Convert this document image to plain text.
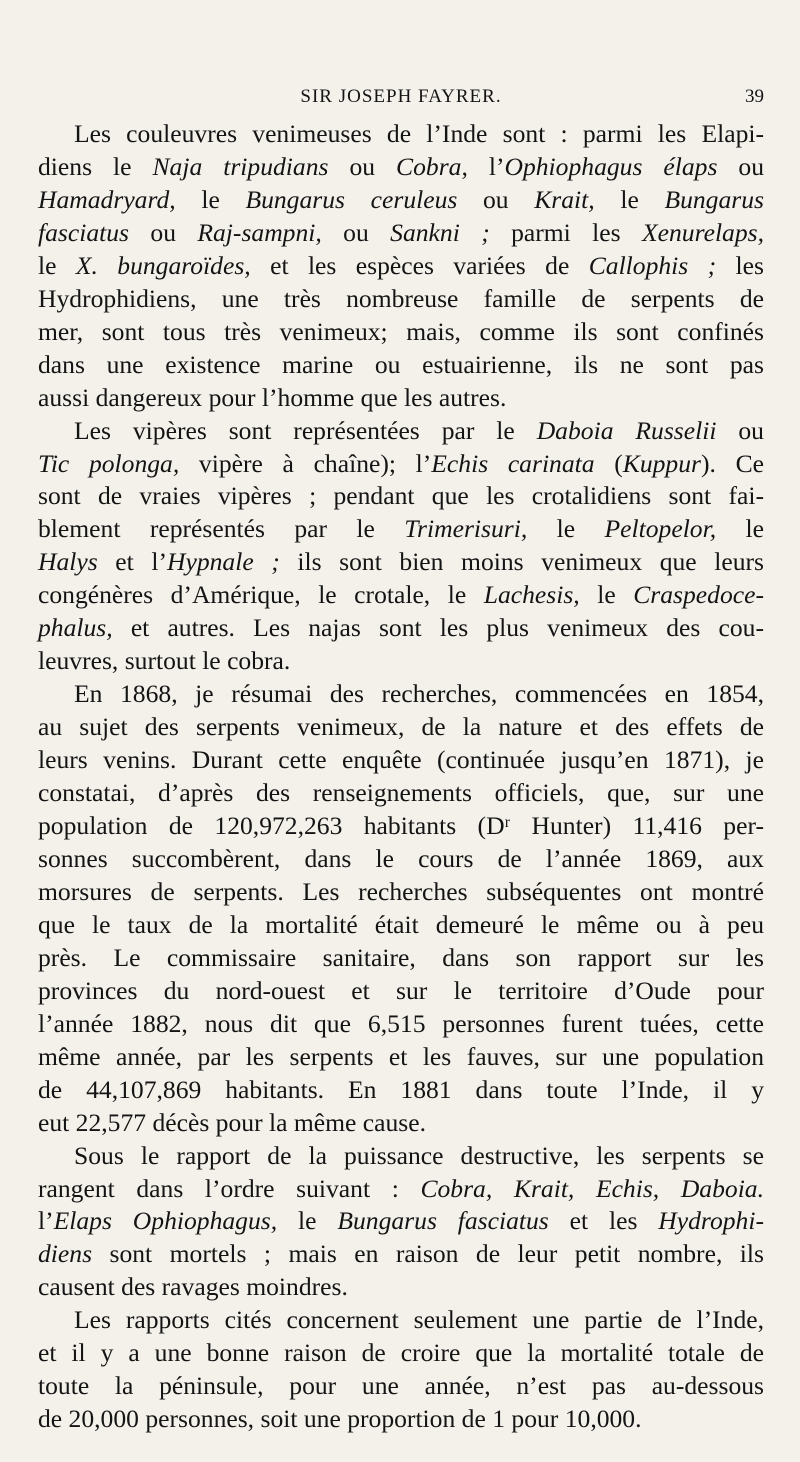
SIR JOSEPH FAYRER.	39
Les couleuvres venimeuses de l’Inde sont : parmi les Elapi-
diens le Naja tripudians ou Cobra, l’Ophiophagus élaps ou
Hamadryard, le Bungarus ceruleus ou Krait, le Bungarus
fasciatus ou Raj-sampni, ou Sankni ; parmi les Xenurelaps,
le X. bungaroïdes, et les espèces variées de Callophis ; les
Hydrophidiens, une très nombreuse famille de serpents de
mer, sont tous très venimeux; mais, comme ils sont confinés
dans une existence marine ou estuairienne, ils ne sont pas
aussi dangereux pour l’homme que les autres.
Les vipères sont représentées par le Daboia Russelii ou
Tic polonga, vipère à chaîne); l’Echis carinata (Kuppur). Ce
sont de vraies vipères ; pendant que les crotalidiens sont fai-
blement représentés par le Trimerisuri, le Peltopelor, le
Halys et l’Hypnale ; ils sont bien moins venimeux que leurs
congénères d’Amérique, le crotale, le Lachesis, le Craspedoce-
phalus, et autres. Les najas sont les plus venimeux des cou-
leuvres, surtout le cobra.
En 1868, je résumai des recherches, commencées en 1854,
au sujet des serpents venimeux, de la nature et des effets de
leurs venins. Durant cette enquête (continuée jusqu’en 1871), je
constatai, d’après des renseignements officiels, que, sur une
population de 120,972,263 habitants (Dʳ Hunter) 11,416 per-
sonnes succombèrent, dans le cours de l’année 1869, aux
morsures de serpents. Les recherches subséquentes ont montré
que le taux de la mortalité était demeuré le même ou à peu
près. Le commissaire sanitaire, dans son rapport sur les
provinces du nord-ouest et sur le territoire d’Oude pour
l’année 1882, nous dit que 6,515 personnes furent tuées, cette
même année, par les serpents et les fauves, sur une population
de 44,107,869 habitants. En 1881 dans toute l’Inde, il y
eut 22,577 décès pour la même cause.
Sous le rapport de la puissance destructive, les serpents se
rangent dans l’ordre suivant : Cobra, Krait, Echis, Daboia.
l’Elaps Ophiophagus, le Bungarus fasciatus et les Hydrophi-
diens sont mortels ; mais en raison de leur petit nombre, ils
causent des ravages moindres.
Les rapports cités concernent seulement une partie de l’Inde,
et il y a une bonne raison de croire que la mortalité totale de
toute la péninsule, pour une année, n’est pas au-dessous
de 20,000 personnes, soit une proportion de 1 pour 10,000.
